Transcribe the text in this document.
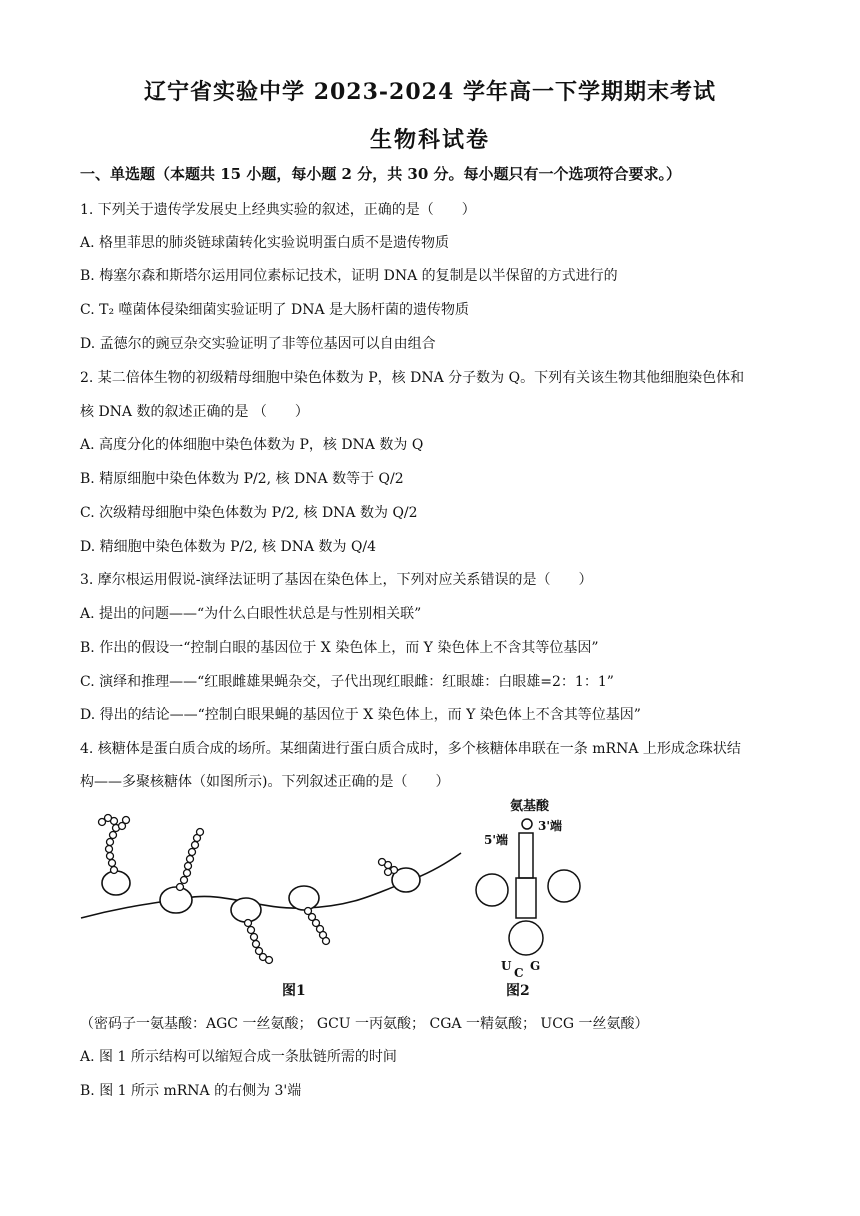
辽宁省实验中学 2023-2024 学年高一下学期期末考试
生物科试卷
一、单选题（本题共 15 小题，每小题 2 分，共 30 分。每小题只有一个选项符合要求。）
1. 下列关于遗传学发展史上经典实验的叙述，正确的是（　　）
A. 格里菲思的肺炎链球菌转化实验说明蛋白质不是遗传物质
B. 梅塞尔森和斯塔尔运用同位素标记技术，证明 DNA 的复制是以半保留的方式进行的
C. T₂ 噬菌体侵染细菌实验证明了 DNA 是大肠杆菌的遗传物质
D. 孟德尔的豌豆杂交实验证明了非等位基因可以自由组合
2. 某二倍体生物的初级精母细胞中染色体数为 P，核 DNA 分子数为 Q。下列有关该生物其他细胞染色体和
核 DNA 数的叙述正确的是 （　　）
A. 高度分化的体细胞中染色体数为 P，核 DNA 数为 Q
B. 精原细胞中染色体数为 P/2, 核 DNA 数等于 Q/2
C. 次级精母细胞中染色体数为 P/2, 核 DNA 数为 Q/2
D. 精细胞中染色体数为 P/2, 核 DNA 数为 Q/4
3. 摩尔根运用假说-演绎法证明了基因在染色体上，下列对应关系错误的是（　　）
A. 提出的问题——“为什么白眼性状总是与性别相关联”
B. 作出的假设一“控制白眼的基因位于 X 染色体上，而 Y 染色体上不含其等位基因”
C. 演绎和推理——“红眼雌雄果蝇杂交，子代出现红眼雌：红眼雄：白眼雄=2：1：1”
D. 得出的结论——“控制白眼果蝇的基因位于 X 染色体上，而 Y 染色体上不含其等位基因”
4. 核糖体是蛋白质合成的场所。某细菌进行蛋白质合成时，多个核糖体串联在一条 mRNA 上形成念珠状结
构——多聚核糖体（如图所示)。下列叙述正确的是（　　）
氨基酸
5'端
3'端
U C G
图1	图2
（密码子一氨基酸：AGC 一丝氨酸； GCU 一丙氨酸； CGA 一精氨酸； UCG 一丝氨酸）
A. 图 1 所示结构可以缩短合成一条肽链所需的时间
B. 图 1 所示 mRNA 的右侧为 3'端
